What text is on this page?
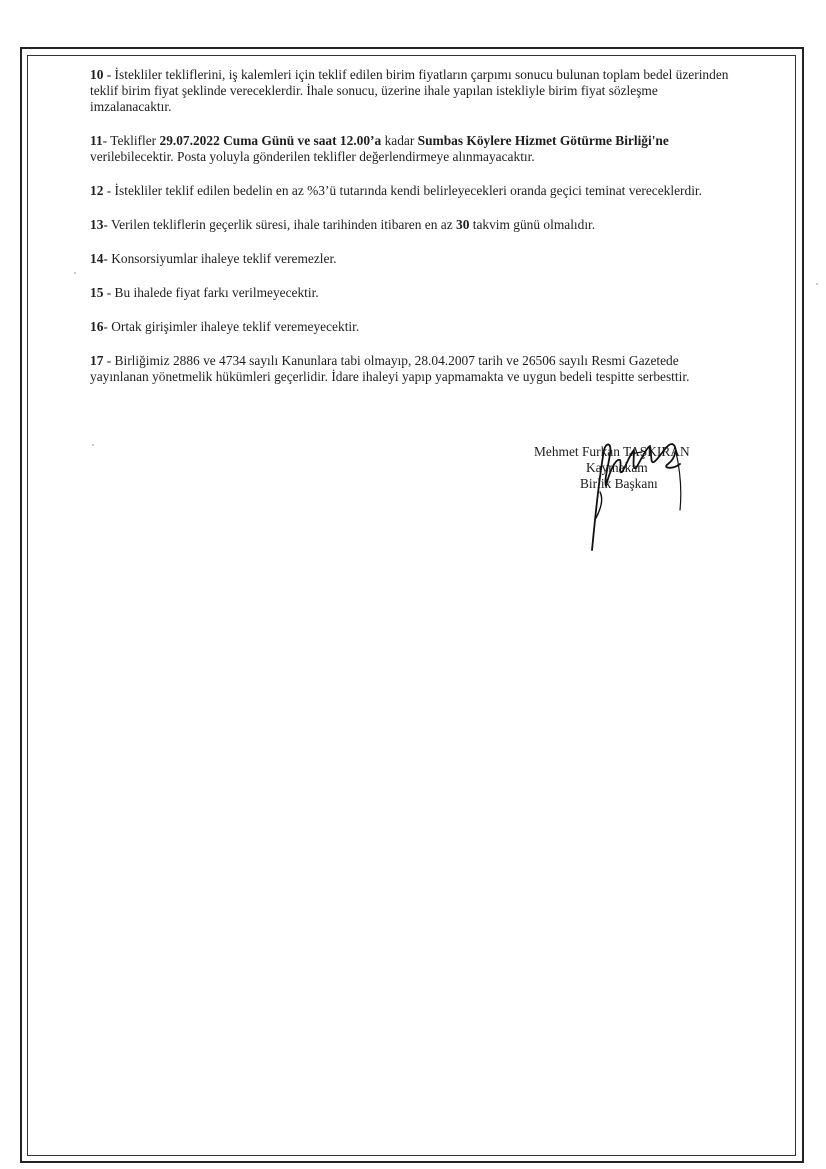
10 - İstekliler tekliflerini, iş kalemleri için teklif edilen birim fiyatların çarpımı sonucu bulunan toplam bedel üzerinden teklif birim fiyat şeklinde vereceklerdir. İhale sonucu, üzerine ihale yapılan istekliyle birim fiyat sözleşme imzalanacaktır.

11- Teklifler 29.07.2022 Cuma Günü ve saat 12.00’a kadar Sumbas Köylere Hizmet Götürme Birliği'ne verilebilecektir. Posta yoluyla gönderilen teklifler değerlendirmeye alınmayacaktır.

12 - İstekliler teklif edilen bedelin en az %3’ü tutarında kendi belirleyecekleri oranda geçici teminat vereceklerdir.

13- Verilen tekliflerin geçerlik süresi, ihale tarihinden itibaren en az 30 takvim günü olmalıdır.

14- Konsorsiyumlar ihaleye teklif veremezler.

15 - Bu ihalede fiyat farkı verilmeyecektir.

16- Ortak girişimler ihaleye teklif veremeyecektir.

17 - Birliğimiz 2886 ve 4734 sayılı Kanunlara tabi olmayıp, 28.04.2007 tarih ve 26506 sayılı Resmi Gazetede yayınlanan yönetmelik hükümleri geçerlidir. İdare ihaleyi yapıp yapmamakta ve uygun bedeli tespitte serbesttir.

Mehmet Furkan TAŞKIRAN
Kaymakam
Birlik Başkanı
